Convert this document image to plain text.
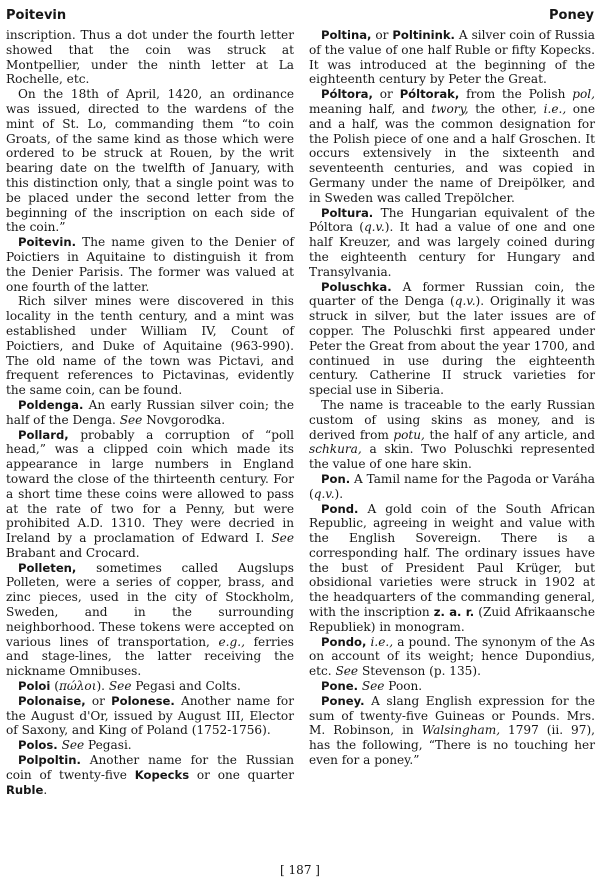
Poitevin	Poney

inscription. Thus a dot under the fourth letter showed that the coin was struck at Montpellier, under the ninth letter at La Rochelle, etc.

On the 18th of April, 1420, an ordinance was issued, directed to the wardens of the mint of St. Lo, commanding them “to coin Groats, of the same kind as those which were ordered to be struck at Rouen, by the writ bearing date on the twelfth of January, with this distinction only, that a single point was to be placed under the second letter from the beginning of the inscription on each side of the coin.”

Poitevin. The name given to the Denier of Poictiers in Aquitaine to distinguish it from the Denier Parisis. The former was valued at one fourth of the latter.

Rich silver mines were discovered in this locality in the tenth century, and a mint was established under William IV, Count of Poictiers, and Duke of Aquitaine (963-990). The old name of the town was Pictavi, and frequent references to Pictavinas, evidently the same coin, can be found.

Poldenga. An early Russian silver coin; the half of the Denga. See Novgorodka.

Pollard, probably a corruption of “poll head,” was a clipped coin which made its appearance in large numbers in England toward the close of the thirteenth century. For a short time these coins were allowed to pass at the rate of two for a Penny, but were prohibited A.D. 1310. They were decried in Ireland by a proclamation of Edward I. See Brabant and Crocard.

Polleten, sometimes called Augslups Polleten, were a series of copper, brass, and zinc pieces, used in the city of Stockholm, Sweden, and in the surrounding neighborhood. These tokens were accepted on various lines of transportation, e.g., ferries and stage-lines, the latter receiving the nickname Omnibuses.

Poloi (πώλοι). See Pegasi and Colts.

Polonaise, or Polonese. Another name for the August d'Or, issued by August III, Elector of Saxony, and King of Poland (1752-1756).

Polos. See Pegasi.

Polpoltin. Another name for the Russian coin of twenty-five Kopecks or one quarter Ruble.

Poltina, or Poltinink. A silver coin of Russia of the value of one half Ruble or fifty Kopecks. It was introduced at the beginning of the eighteenth century by Peter the Great.

Póltora, or Póltorak, from the Polish pol, meaning half, and twory, the other, i.e., one and a half, was the common designation for the Polish piece of one and a half Groschen. It occurs extensively in the sixteenth and seventeenth centuries, and was copied in Germany under the name of Dreipölker, and in Sweden was called Trepölcher.

Poltura. The Hungarian equivalent of the Póltora (q.v.). It had a value of one and one half Kreuzer, and was largely coined during the eighteenth century for Hungary and Transylvania.

Poluschka. A former Russian coin, the quarter of the Denga (q.v.). Originally it was struck in silver, but the later issues are of copper. The Poluschki first appeared under Peter the Great from about the year 1700, and continued in use during the eighteenth century. Catherine II struck varieties for special use in Siberia.

The name is traceable to the early Russian custom of using skins as money, and is derived from potu, the half of any article, and schkura, a skin. Two Poluschki represented the value of one hare skin.

Pon. A Tamil name for the Pagoda or Varáha (q.v.).

Pond. A gold coin of the South African Republic, agreeing in weight and value with the English Sovereign. There is a corresponding half. The ordinary issues have the bust of President Paul Krüger, but obsidional varieties were struck in 1902 at the headquarters of the commanding general, with the inscription z. a. r. (Zuid Afrikaansche Republiek) in monogram.

Pondo, i.e., a pound. The synonym of the As on account of its weight; hence Dupondius, etc. See Stevenson (p. 135).

Pone. See Poon.

Poney. A slang English expression for the sum of twenty-five Guineas or Pounds. Mrs. M. Robinson, in Walsingham, 1797 (ii. 97), has the following, “There is no touching her even for a poney.”

[ 187 ]
